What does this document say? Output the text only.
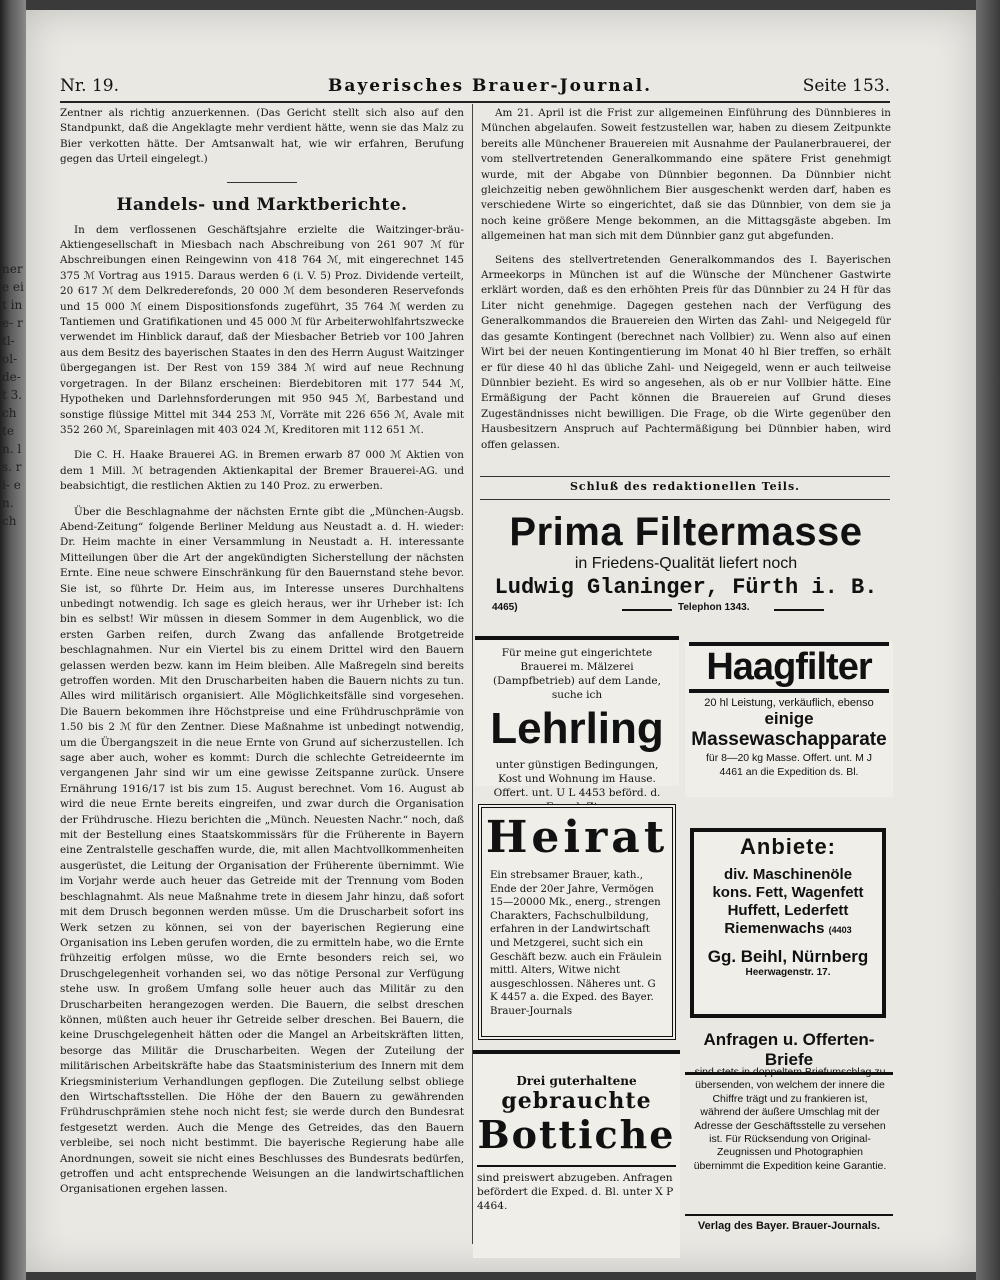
ner e eit in e- rtl- ol- de- t 3. ch te n. ls. ri- en. ch
Nr. 19.	Bayerisches Brauer-Journal.	Seite 153.

Zentner als richtig anzuerkennen. (Das Gericht stellt sich also auf den Standpunkt, daß die Angeklagte mehr verdient hätte, wenn sie das Malz zu Bier verkotten hätte. Der Amtsanwalt hat, wie wir erfahren, Berufung gegen das Urteil eingelegt.)

Handels- und Marktberichte.

In dem verflossenen Geschäftsjahre erzielte die Waitzinger-bräu-Aktiengesellschaft in Miesbach nach Abschreibung von 261 907 ℳ für Abschreibungen einen Reingewinn von 418 764 ℳ, mit eingerechnet 145 375 ℳ Vortrag aus 1915. Daraus werden 6 (i. V. 5) Proz. Dividende verteilt, 20 617 ℳ dem Delkrederefonds, 20 000 ℳ dem besonderen Reservefonds und 15 000 ℳ einem Dispositionsfonds zugeführt, 35 764 ℳ werden zu Tantiemen und Gratifikationen und 45 000 ℳ für Arbeiterwohlfahrtszwecke verwendet im Hinblick darauf, daß der Miesbacher Betrieb vor 100 Jahren aus dem Besitz des bayerischen Staates in den des Herrn August Waitzinger übergegangen ist. Der Rest von 159 384 ℳ wird auf neue Rechnung vorgetragen. In der Bilanz erscheinen: Bierdebitoren mit 177 544 ℳ, Hypotheken und Darlehnsforderungen mit 950 945 ℳ, Barbestand und sonstige flüssige Mittel mit 344 253 ℳ, Vorräte mit 226 656 ℳ, Avale mit 352 260 ℳ, Spareinlagen mit 403 024 ℳ, Kreditoren mit 112 651 ℳ.

Die C. H. Haake Brauerei AG. in Bremen erwarb 87 000 ℳ Aktien von dem 1 Mill. ℳ betragenden Aktienkapital der Bremer Brauerei-AG. und beabsichtigt, die restlichen Aktien zu 140 Proz. zu erwerben.

Über die Beschlagnahme der nächsten Ernte gibt die „München-Augsb. Abend-Zeitung“ folgende Berliner Meldung aus Neustadt a. d. H. wieder: Dr. Heim machte in einer Versammlung in Neustadt a. H. interessante Mitteilungen über die Art der angekündigten Sicherstellung der nächsten Ernte. Eine neue schwere Einschränkung für den Bauernstand stehe bevor. Sie ist, so führte Dr. Heim aus, im Interesse unseres Durchhaltens unbedingt notwendig. Ich sage es gleich heraus, wer ihr Urheber ist: Ich bin es selbst! Wir müssen in diesem Sommer in dem Augenblick, wo die ersten Garben reifen, durch Zwang das anfallende Brotgetreide beschlagnahmen. Nur ein Viertel bis zu einem Drittel wird den Bauern gelassen werden bezw. kann im Heim bleiben. Alle Maßregeln sind bereits getroffen worden. Mit den Druscharbeiten haben die Bauern nichts zu tun. Alles wird militärisch organisiert. Alle Möglichkeitsfälle sind vorgesehen. Die Bauern bekommen ihre Höchstpreise und eine Frühdruschprämie von 1.50 bis 2 ℳ für den Zentner. Diese Maßnahme ist unbedingt notwendig, um die Übergangszeit in die neue Ernte von Grund auf sicherzustellen. Ich sage aber auch, woher es kommt: Durch die schlechte Getreideernte im vergangenen Jahr sind wir um eine gewisse Zeitspanne zurück. Unsere Ernährung 1916/17 ist bis zum 15. August berechnet. Vom 16. August ab wird die neue Ernte bereits eingreifen, und zwar durch die Organisation der Frühdrusche. Hiezu berichten die „Münch. Neuesten Nachr.“ noch, daß mit der Bestellung eines Staatskommissärs für die Früherente in Bayern eine Zentralstelle geschaffen wurde, die, mit allen Machtvollkommenheiten ausgerüstet, die Leitung der Organisation der Früherente übernimmt. Wie im Vorjahr werde auch heuer das Getreide mit der Trennung vom Boden beschlagnahmt. Als neue Maßnahme trete in diesem Jahr hinzu, daß sofort mit dem Drusch begonnen werden müsse. Um die Druscharbeit sofort ins Werk setzen zu können, sei von der bayerischen Regierung eine Organisation ins Leben gerufen worden, die zu ermitteln habe, wo die Ernte frühzeitig erfolgen müsse, wo die Ernte besonders reich sei, wo Druschgelegenheit vorhanden sei, wo das nötige Personal zur Verfügung stehe usw. In großem Umfang solle heuer auch das Militär zu den Druscharbeiten herangezogen werden. Die Bauern, die selbst dreschen können, müßten auch heuer ihr Getreide selber dreschen. Bei Bauern, die keine Druschgelegenheit hätten oder die Mangel an Arbeitskräften litten, besorge das Militär die Druscharbeiten. Wegen der Zuteilung der militärischen Arbeitskräfte habe das Staatsministerium des Innern mit dem Kriegsministerium Verhandlungen gepflogen. Die Zuteilung selbst obliege den Wirtschaftsstellen. Die Höhe der den Bauern zu gewährenden Frühdruschprämien stehe noch nicht fest; sie werde durch den Bundesrat festgesetzt werden. Auch die Menge des Getreides, das den Bauern verbleibe, sei noch nicht bestimmt. Die bayerische Regierung habe alle Anordnungen, soweit sie nicht eines Beschlusses des Bundesrats bedürfen, getroffen und acht entsprechende Weisungen an die landwirtschaftlichen Organisationen ergehen lassen.

Am 21. April ist die Frist zur allgemeinen Einführung des Dünnbieres in München abgelaufen. Soweit festzustellen war, haben zu diesem Zeitpunkte bereits alle Münchener Brauereien mit Ausnahme der Paulanerbrauerei, der vom stellvertretenden Generalkommando eine spätere Frist genehmigt wurde, mit der Abgabe von Dünnbier begonnen. Da Dünnbier nicht gleichzeitig neben gewöhnlichem Bier ausgeschenkt werden darf, haben es verschiedene Wirte so eingerichtet, daß sie das Dünnbier, von dem sie ja noch keine größere Menge bekommen, an die Mittagsgäste abgeben. Im allgemeinen hat man sich mit dem Dünnbier ganz gut abgefunden.

Seitens des stellvertretenden Generalkommandos des I. Bayerischen Armeekorps in München ist auf die Wünsche der Münchener Gastwirte erklärt worden, daß es den erhöhten Preis für das Dünnbier zu 24 H für das Liter nicht genehmige. Dagegen gestehen nach der Verfügung des Generalkommandos die Brauereien den Wirten das Zahl- und Neigegeld für das gesamte Kontingent (berechnet nach Vollbier) zu. Wenn also auf einen Wirt bei der neuen Kontingentierung im Monat 40 hl Bier treffen, so erhält er für diese 40 hl das übliche Zahl- und Neigegeld, wenn er auch teilweise Dünnbier bezieht. Es wird so angesehen, als ob er nur Vollbier hätte. Eine Ermäßigung der Pacht können die Brauereien auf Grund dieses Zugeständnisses nicht bewilligen. Die Frage, ob die Wirte gegenüber den Hausbesitzern Anspruch auf Pachtermäßigung bei Dünnbier haben, wird offen gelassen.

Schluß des redaktionellen Teils.
Prima Filtermasse
in Friedens-Qualität liefert noch
Ludwig Glaninger, Fürth i. B.
4465)	Telephon 1343.
Für meine gut eingerichtete Brauerei m. Mälzerei (Dampfbetrieb) auf dem Lande, suche ich
Lehrling
unter günstigen Bedingungen, Kost und Wohnung im Hause. Offert. unt. U L 4453 beförd. d.
Haagfilter
20 hl Leistung, verkäuflich, ebenso
einige
Massewaschapparate
für 8—20 kg Masse. Offert. unt. M J 4461 an die Expedition ds. Bl.
Heirat
Ein strebsamer Brauer, kath., Ende der 20er Jahre, Vermögen 15—20000 Mk., energ., strengen Charakters, Fachschulbildung, erfahren in der Landwirtschaft und Metzgerei, sucht sich ein Geschäft bezw. auch ein Fräulein mittl. Alters, Witwe nicht ausgeschlossen. Näheres unt. G K 4457 a. die Exped. des Bayer. Brauer-Journals
Anbiete:
div. Maschinenöle
kons. Fett, Wagenfett
Huffett, Lederfett
Riemenwachs (4403
Gg. Beihl, Nürnberg
Heerwagenstr. 17.
Anfragen u. Offerten-Briefe
sind stets in doppeltem Briefumschlag zu übersenden, von welchem der innere die Chiffre trägt und zu frankieren ist, während der äußere Umschlag mit der Adresse der Geschäftsstelle zu versehen ist. Für Rücksendung von Original-Zeugnissen und Photographien übernimmt die Expedition keine Garantie.
Verlag des Bayer. Brauer-Journals.
Drei guterhaltene
gebrauchte
Bottiche
sind preiswert abzugeben. Anfragen befördert die Exped. d. Bl. unter X P 4464.
